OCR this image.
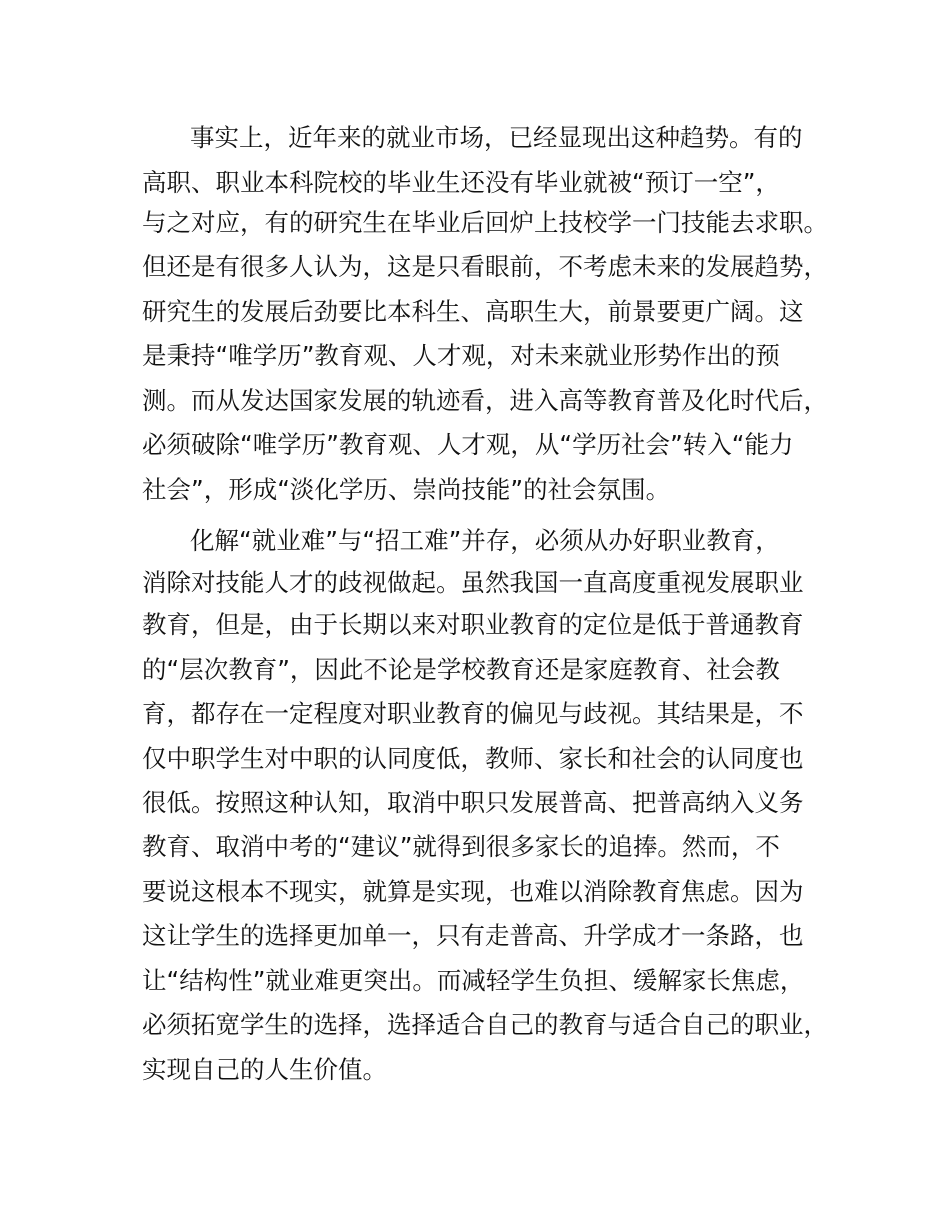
事实上，近年来的就业市场，已经显现出这种趋势。有的
高职、职业本科院校的毕业生还没有毕业就被“预订一空”，
与之对应，有的研究生在毕业后回炉上技校学一门技能去求职。
但还是有很多人认为，这是只看眼前，不考虑未来的发展趋势，
研究生的发展后劲要比本科生、高职生大，前景要更广阔。这
是秉持“唯学历”教育观、人才观，对未来就业形势作出的预
测。而从发达国家发展的轨迹看，进入高等教育普及化时代后，
必须破除“唯学历”教育观、人才观，从“学历社会”转入“能力
社会”，形成“淡化学历、崇尚技能”的社会氛围。
化解“就业难”与“招工难”并存，必须从办好职业教育，
消除对技能人才的歧视做起。虽然我国一直高度重视发展职业
教育，但是，由于长期以来对职业教育的定位是低于普通教育
的“层次教育”，因此不论是学校教育还是家庭教育、社会教
育，都存在一定程度对职业教育的偏见与歧视。其结果是，不
仅中职学生对中职的认同度低，教师、家长和社会的认同度也
很低。按照这种认知，取消中职只发展普高、把普高纳入义务
教育、取消中考的“建议”就得到很多家长的追捧。然而，不
要说这根本不现实，就算是实现，也难以消除教育焦虑。因为
这让学生的选择更加单一，只有走普高、升学成才一条路，也
让“结构性”就业难更突出。而减轻学生负担、缓解家长焦虑，
必须拓宽学生的选择，选择适合自己的教育与适合自己的职业，
实现自己的人生价值。
